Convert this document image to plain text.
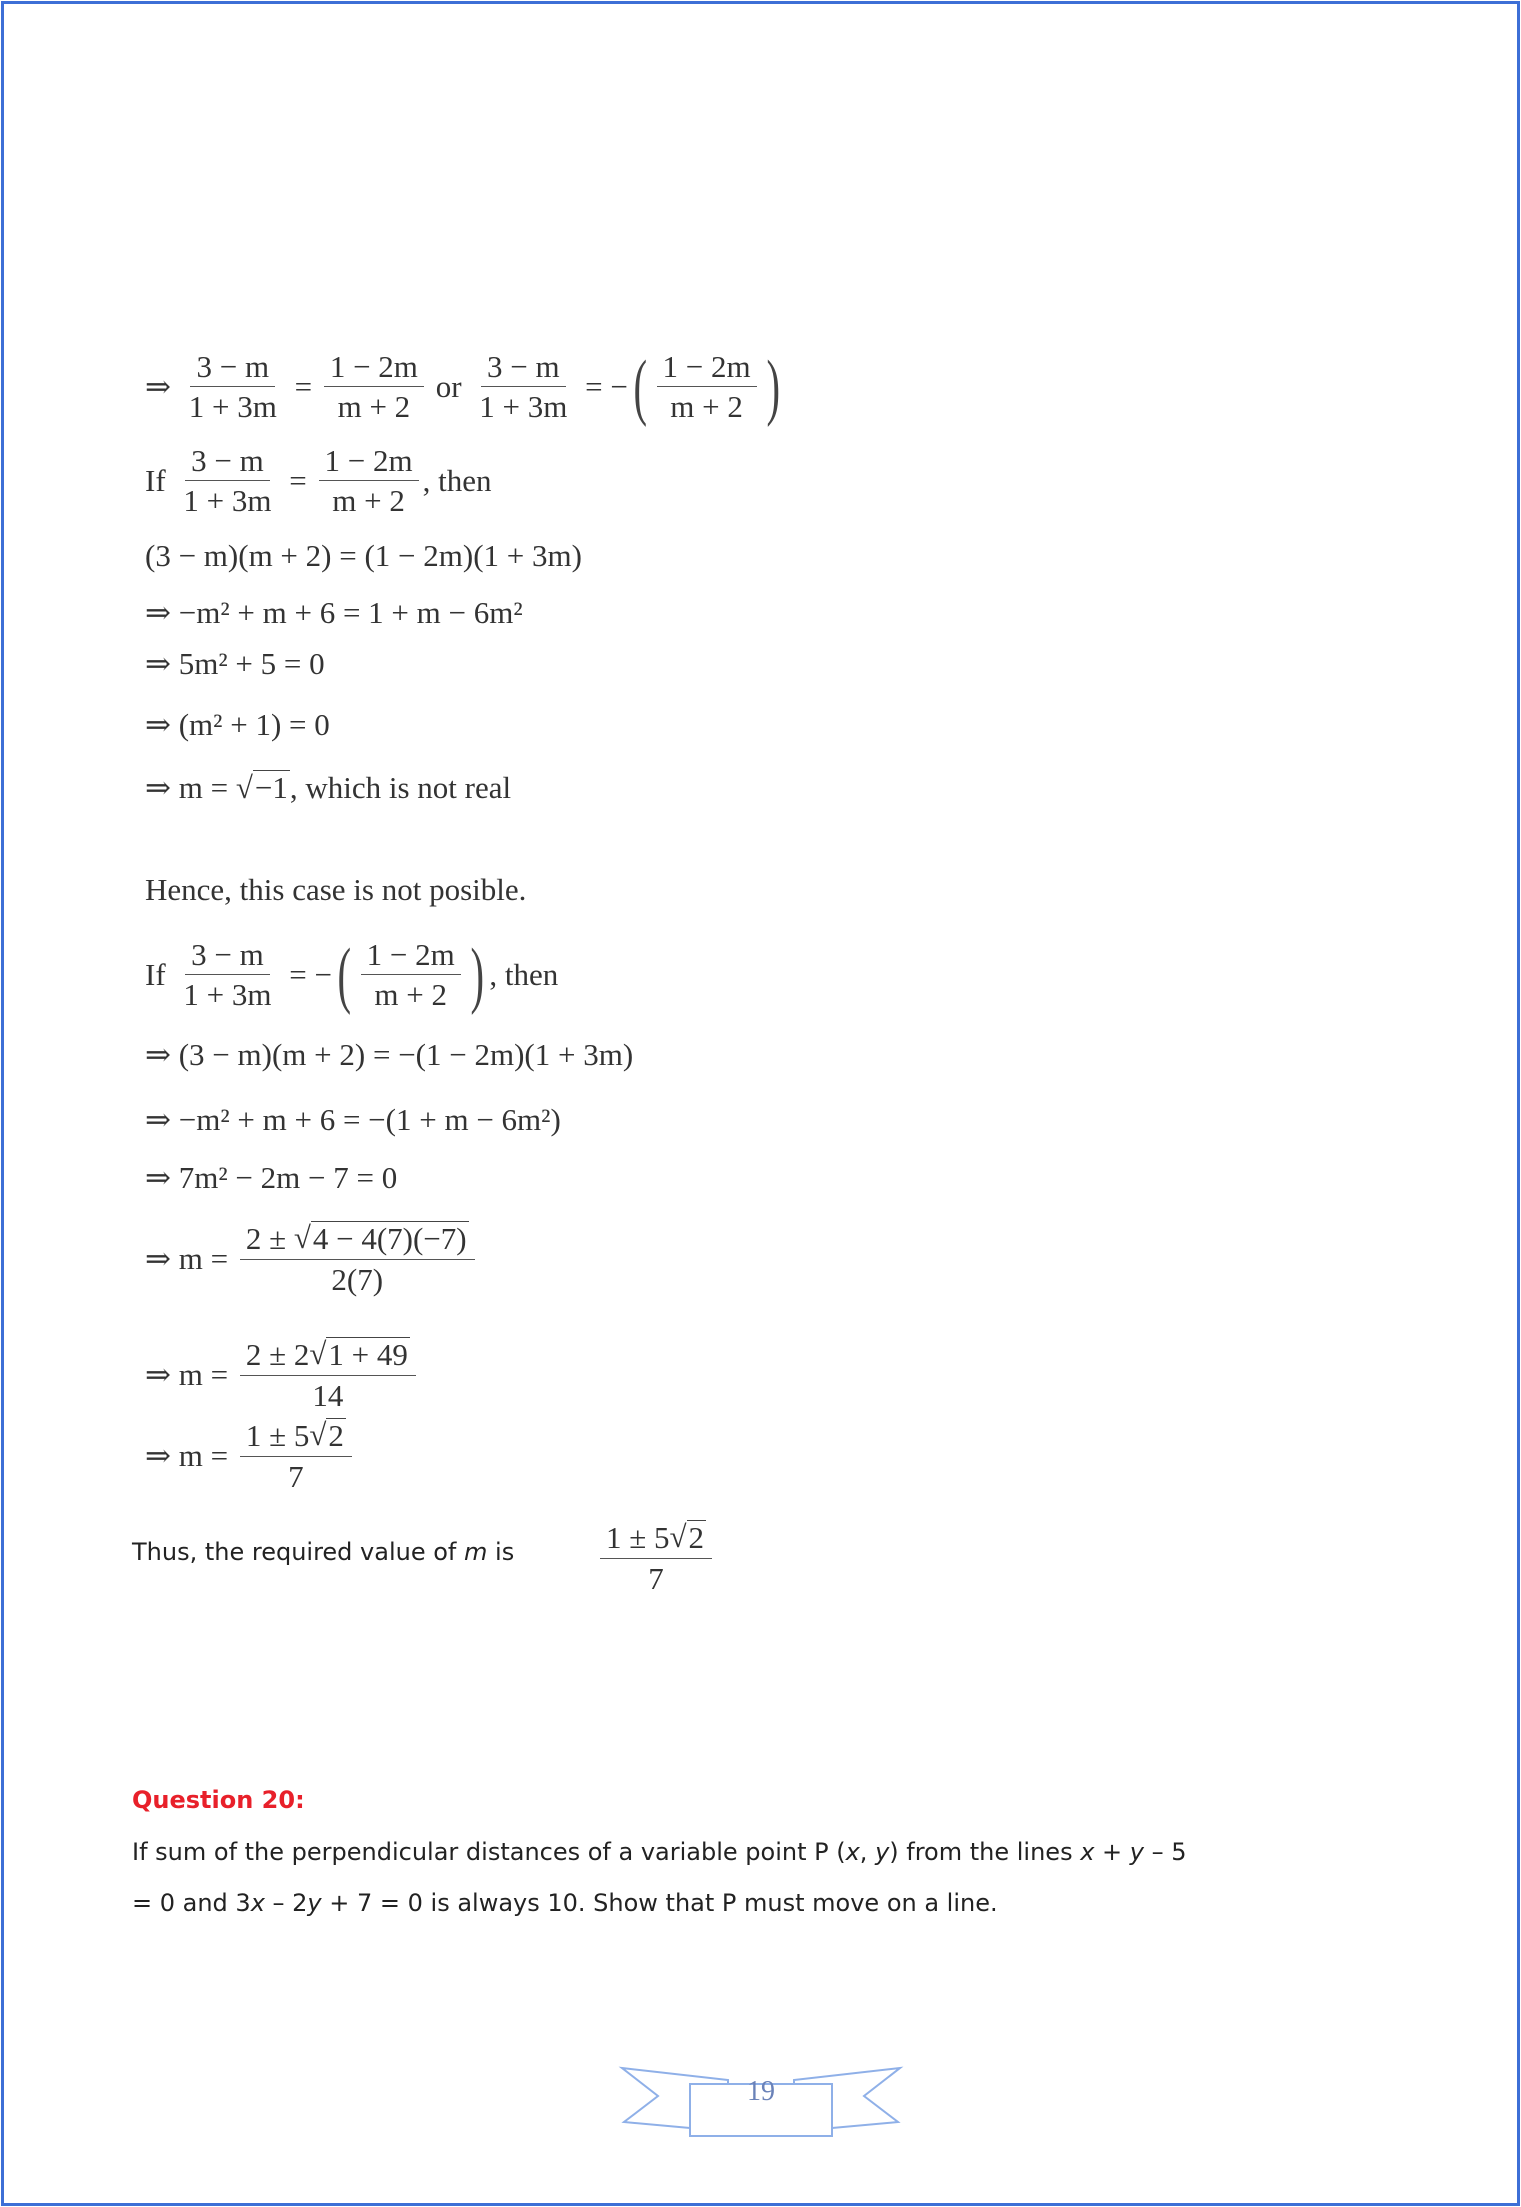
⇒ $\frac{3 - m}{1 + 3m} = \frac{1 - 2m}{m + 2}$ or $\frac{3 - m}{1 + 3m}$ = − ( $\frac{1 - 2m}{m + 2}$ )
If $\frac{3 - m}{1 + 3m} = \frac{1 - 2m}{m + 2}$ , then
(3 − m)(m + 2) = (1 − 2m)(1 + 3m)
⇒ −m² + m + 6 = 1 + m − 6m²
⇒ 5m² + 5 = 0
⇒ (m² + 1) = 0
⇒ m = √ −1 , which is not real
Hence, this case is not posible.
If $\frac{3 - m}{1 + 3m}$ = − ( $\frac{1 - 2m}{m + 2}$ ) , then
⇒ (3 − m)(m + 2) = −(1 − 2m)(1 + 3m)
⇒ −m² + m + 6 = −(1 + m − 6m²)
⇒ 7m² − 2m − 7 = 0
⇒ $m = \frac{2 \pm √ 4 - 4(7)(-7)}{2(7)}$
⇒ $m = \frac{2 \pm 2 √ 1 + 49}{14}$
⇒ $m = \frac{1 \pm 5 √ 2}{7}$
Thus, the required value of m is	$\frac{1 \pm 5 √ 2}{7}$
Question 20:
If sum of the perpendicular distances of a variable point P ( x , y ) from the lines x + y – 5
= 0 and 3 x – 2 y + 7 = 0 is always 10. Show that P must move on a line.
19
